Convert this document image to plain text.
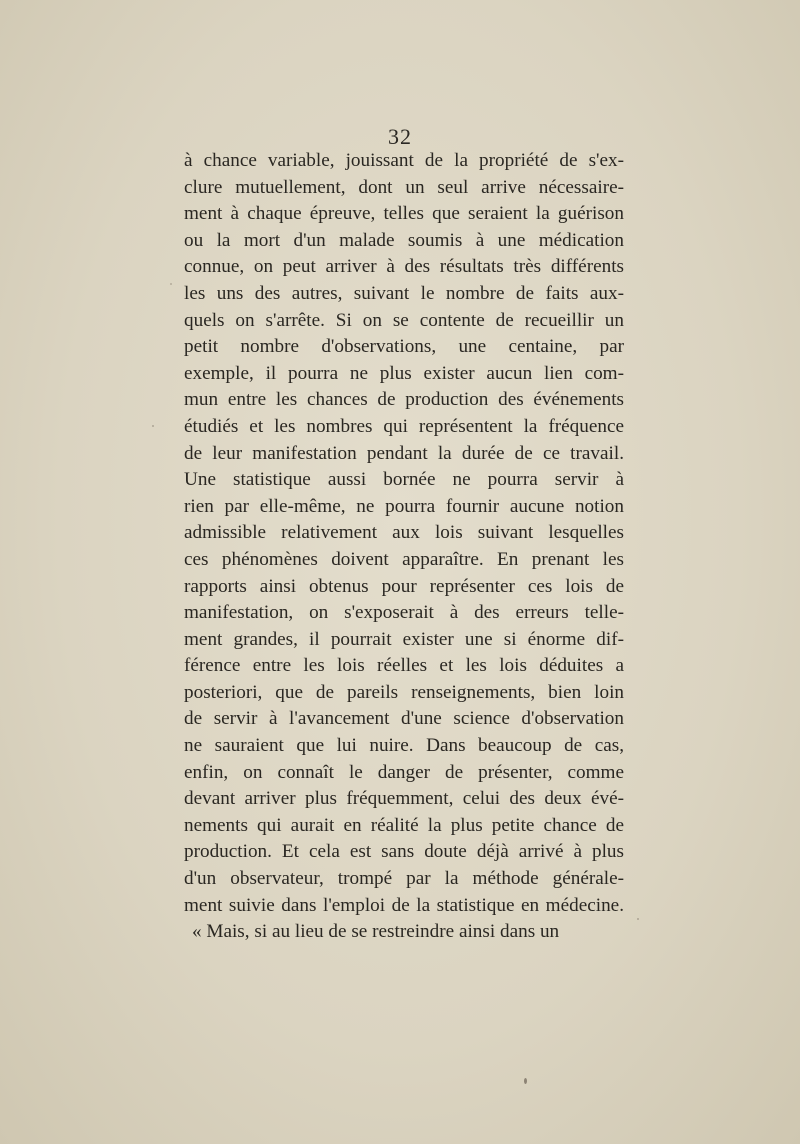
32
à chance variable, jouissant de la propriété de s'ex-
clure mutuellement, dont un seul arrive nécessaire-
ment à chaque épreuve, telles que seraient la guérison
ou la mort d'un malade soumis à une médication
connue, on peut arriver à des résultats très différents
les uns des autres, suivant le nombre de faits aux-
quels on s'arrête. Si on se contente de recueillir un
petit nombre d'observations, une centaine, par
exemple, il pourra ne plus exister aucun lien com-
mun entre les chances de production des événements
étudiés et les nombres qui représentent la fréquence
de leur manifestation pendant la durée de ce travail.
Une statistique aussi bornée ne pourra servir à
rien par elle-même, ne pourra fournir aucune notion
admissible relativement aux lois suivant lesquelles
ces phénomènes doivent apparaître. En prenant les
rapports ainsi obtenus pour représenter ces lois de
manifestation, on s'exposerait à des erreurs telle-
ment grandes, il pourrait exister une si énorme dif-
férence entre les lois réelles et les lois déduites a
posteriori, que de pareils renseignements, bien loin
de servir à l'avancement d'une science d'observation
ne sauraient que lui nuire. Dans beaucoup de cas,
enfin, on connaît le danger de présenter, comme
devant arriver plus fréquemment, celui des deux évé-
nements qui aurait en réalité la plus petite chance de
production. Et cela est sans doute déjà arrivé à plus
d'un observateur, trompé par la méthode générale-
ment suivie dans l'emploi de la statistique en médecine.
« Mais, si au lieu de se restreindre ainsi dans un
